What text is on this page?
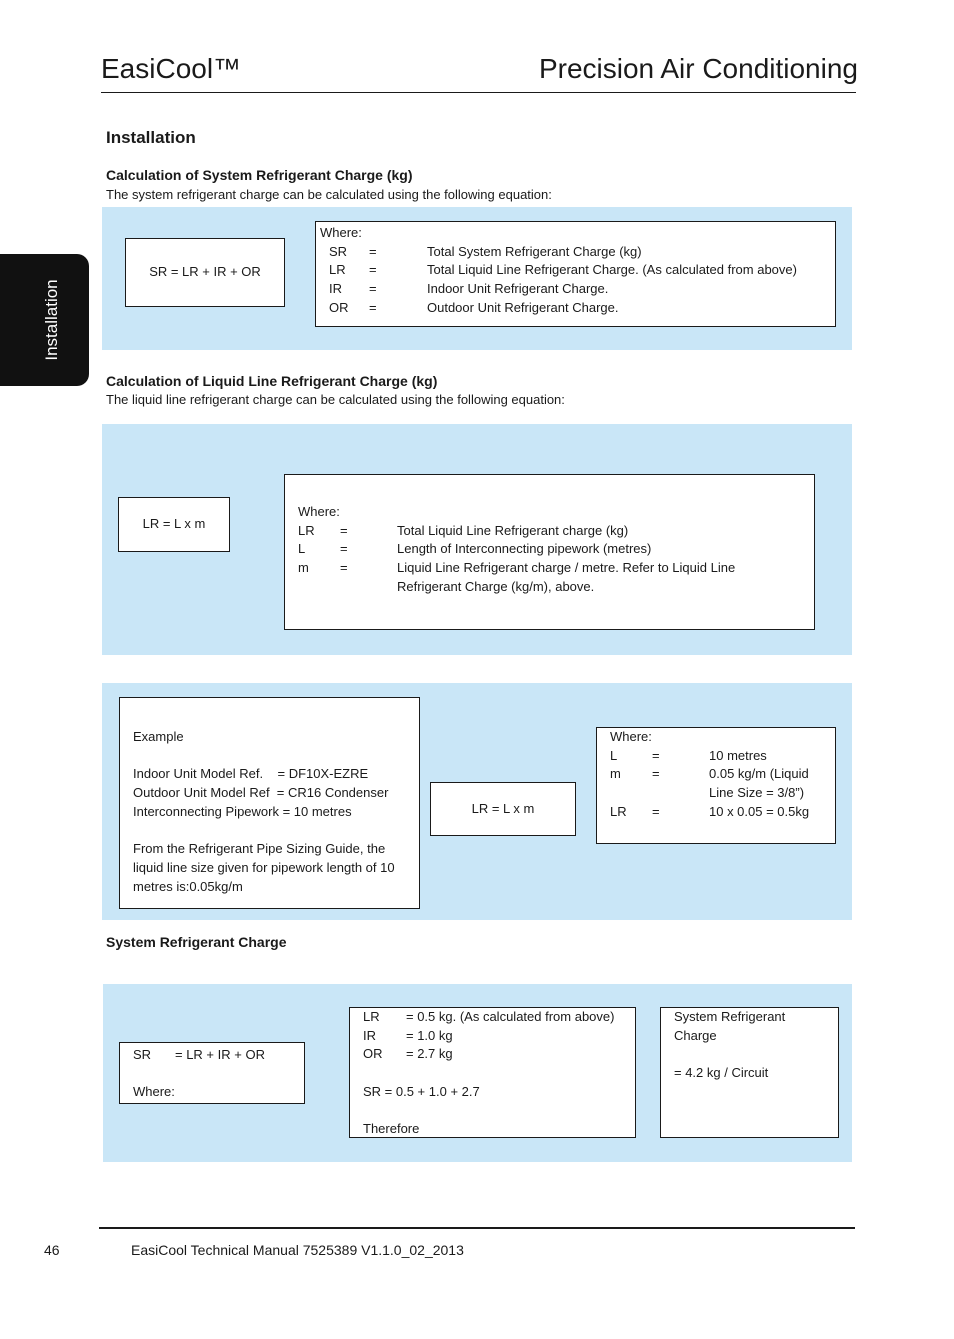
EasiCool™	Precision Air Conditioning
Installation
Installation
Calculation of System Refrigerant Charge (kg)
The system refrigerant charge can be calculated using the following equation:
SR = LR + IR + OR
Where:
SR	=	Total System Refrigerant Charge (kg)
LR	=	Total Liquid Line Refrigerant Charge. (As calculated from above)
IR	=	Indoor Unit Refrigerant Charge.
OR	=	Outdoor Unit Refrigerant Charge.
Calculation of Liquid Line Refrigerant Charge (kg)
The liquid line refrigerant charge can be calculated using the following equation:
LR = L x m
Where:
LR	=	Total Liquid Line Refrigerant charge (kg)
L	=	Length of Interconnecting pipework (metres)
m	=	Liquid Line Refrigerant charge / metre. Refer to Liquid Line Refrigerant Charge (kg/m), above.
Example
Indoor Unit Model Ref.    = DF10X-EZRE
Outdoor Unit Model Ref  = CR16 Condenser
Interconnecting Pipework = 10 metres
From the Refrigerant Pipe Sizing Guide, the liquid line size given for pipework length of 10 metres is:0.05kg/m
LR = L x m
Where:
L	=	10 metres
m	=	0.05 kg/m (Liquid Line Size = 3/8”)
LR	=	10 x 0.05 = 0.5kg
System Refrigerant Charge
SR	= LR + IR + OR
Where:
LR	= 0.5 kg. (As calculated from above)
IR	= 1.0 kg
OR	= 2.7 kg
SR = 0.5 + 1.0 + 2.7
Therefore
System Refrigerant Charge
= 4.2 kg / Circuit
46	EasiCool Technical Manual 7525389 V1.1.0_02_2013
